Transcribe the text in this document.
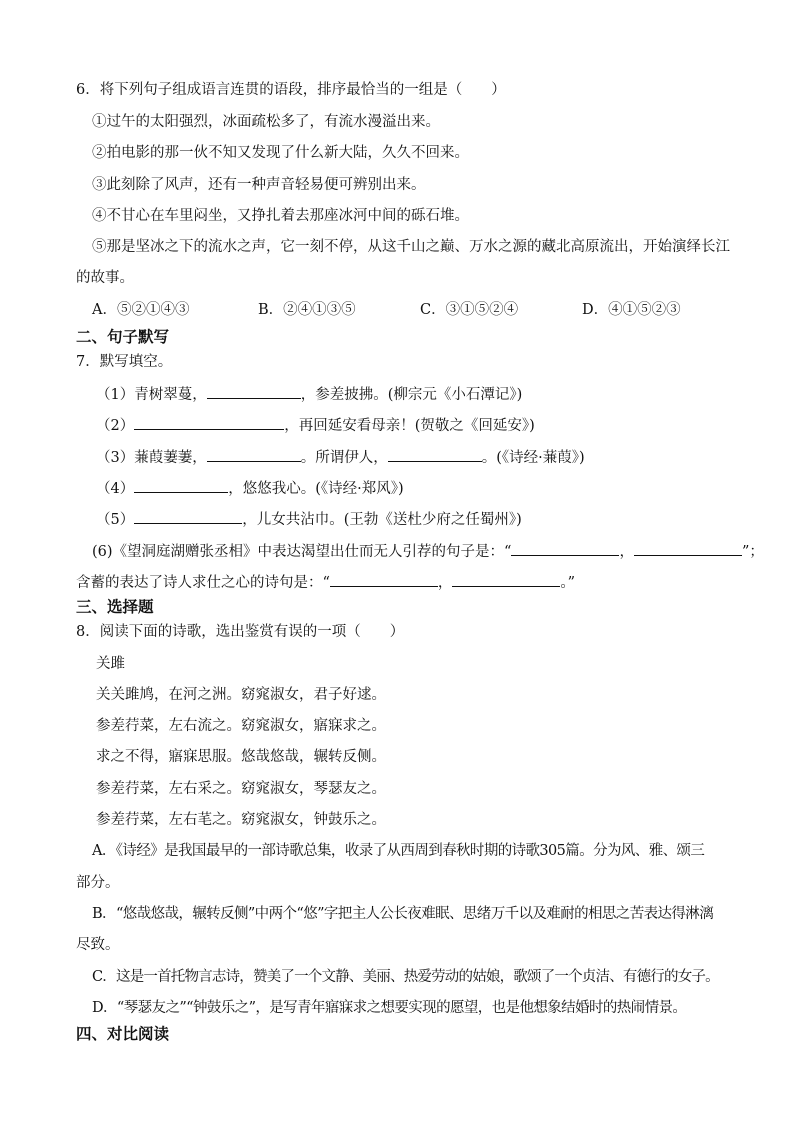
6．将下列句子组成语言连贯的语段，排序最恰当的一组是（　　）
①过午的太阳强烈，冰面疏松多了，有流水漫溢出来。
②拍电影的那一伙不知又发现了什么新大陆，久久不回来。
③此刻除了风声，还有一种声音轻易便可辨别出来。
④不甘心在车里闷坐，又挣扎着去那座冰河中间的砾石堆。
⑤那是坚冰之下的流水之声，它一刻不停，从这千山之巅、万水之源的藏北高原流出，开始演绎长江
的故事。
A．⑤②①④③	B．②④①③⑤	C．③①⑤②④	D．④①⑤②③
二、句子默写
7．默写填空。
（1）青树翠蔓，	，参差披拂。(柳宗元《小石潭记》)
（2）	，再回延安看母亲！(贺敬之《回延安》)
（3）蒹葭萋萋，	。所谓伊人，	。(《诗经·蒹葭》)
（4）	，悠悠我心。(《诗经·郑风》)
（5）	，儿女共沾巾。(王勃《送杜少府之任蜀州》)
(6)《望洞庭湖赠张丞相》中表达渴望出仕而无人引荐的句子是：“	，	”；
含蓄的表达了诗人求仕之心的诗句是：“	，	。”
三、选择题
8．阅读下面的诗歌，选出鉴赏有误的一项（　　）
关雎
关关雎鸠，在河之洲。窈窕淑女，君子好逑。
参差荇菜，左右流之。窈窕淑女，寤寐求之。
求之不得，寤寐思服。悠哉悠哉，辗转反侧。
参差荇菜，左右采之。窈窕淑女，琴瑟友之。
参差荇菜，左右芼之。窈窕淑女，钟鼓乐之。
A．《诗经》是我国最早的一部诗歌总集，收录了从西周到春秋时期的诗歌305篇。分为风、雅、颂三
部分。
B．“悠哉悠哉，辗转反侧”中两个“悠”字把主人公长夜难眠、思绪万千以及难耐的相思之苦表达得淋漓
尽致。
C．这是一首托物言志诗，赞美了一个文静、美丽、热爱劳动的姑娘，歌颂了一个贞洁、有德行的女子。
D．“琴瑟友之”“钟鼓乐之”，是写青年寤寐求之想要实现的愿望，也是他想象结婚时的热闹情景。
四、对比阅读
